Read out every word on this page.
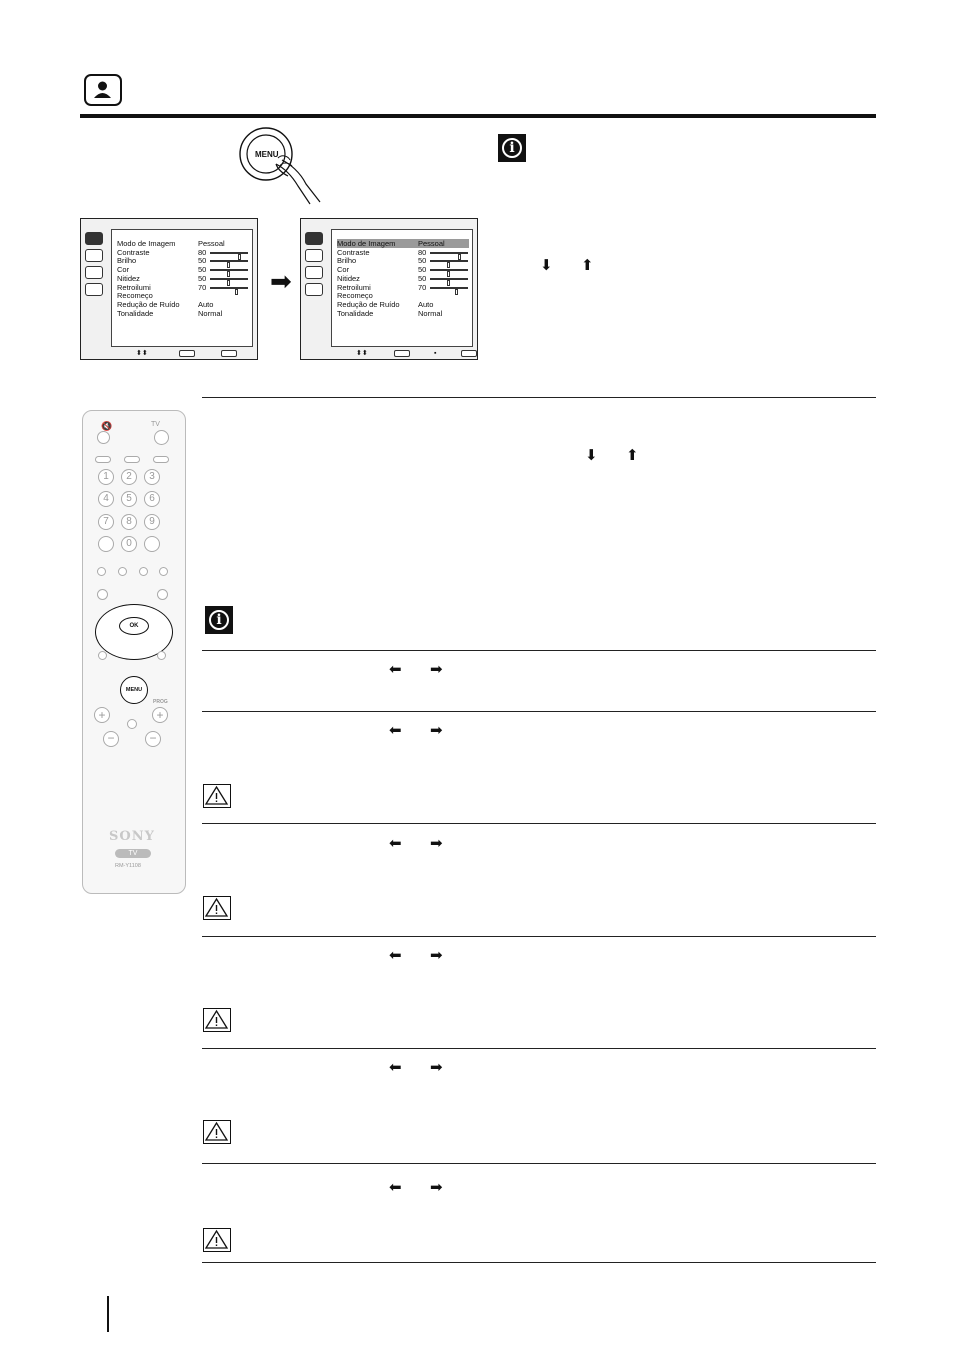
MENU
Modo de Imagem	Pessoal
Contraste	80
Brilho	50
Cor	50
Nitidez	50
Retroilumi	70
Recomeço
Redução de Ruído Auto
Tonalidade	Normal
⬍⬍
➡
Modo de Imagem	Pessoal
Contraste	80
Brilho	50
Cor	50
Nitidez	50
Retroilumi	70
Recomeço
Redução de Ruído Auto
Tonalidade	Normal
⬍⬍	▪
i
⬇ ⬆
🔇	TV
1	2	3
4	5	6
7	8	9
0
OK
MENU
PROG
+	+
−	−
SONY
TV
RM-Y1108
⬇ ⬆
i
⬅ ➡
⬅ ➡
⬅ ➡
⬅ ➡
⬅ ➡
⬅ ➡
